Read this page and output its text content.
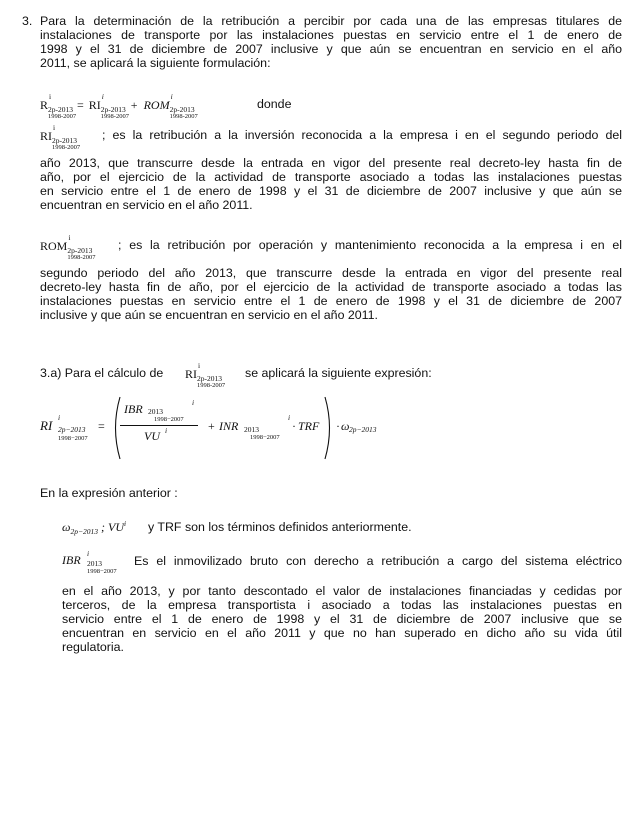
3. Para la determinación de la retribución a percibir por cada una de las empresas titulares de
instalaciones de transporte por las instalaciones puestas en servicio entre el 1 de enero de
1998 y el 31 de diciembre de 2007 inclusive y que aún se encuentran en servicio en el año
2011, se aplicará la siguiente formulación:
R
i
2p-2013
1998-2007
= RI
i
2p-2013
1998-2007
+ ROM
i
2p-2013
1998-2007
donde
RI
i
2p-2013
1998-2007
; es la retribución a la inversión reconocida a la empresa i en el segundo periodo del
año 2013, que transcurre desde la entrada en vigor del presente real decreto-ley hasta fin de
año, por el ejercicio de la actividad de transporte asociado a todas las instalaciones puestas
en servicio entre el 1 de enero de 1998 y el 31 de diciembre de 2007 inclusive y que aún se
encuentran en servicio en el año 2011.
ROM
i
2p-2013
1998-2007
; es la retribución por operación y mantenimiento reconocida a la empresa i en el
segundo periodo del año 2013, que transcurre desde la entrada en vigor del presente real
decreto-ley hasta fin de año, por el ejercicio de la actividad de transporte asociado a todas las
instalaciones puestas en servicio entre el 1 de enero de 1998 y el 31 de diciembre de 2007
inclusive y que aún se encuentran en servicio en el año 2011.
3.a) Para el cálculo de RI
i
2p-2013
1998-2007
se aplicará la siguiente expresión:
RI
i
2p−2013
1998−2007
=
IBR 2013
1998−2007
i
VU i	+ INR 2013
1998−2007
i
· TRF · ω 2p−2013
En la expresión anterior :
$\omega_{2p-2013}$ ; $VU^i$ y TRF son los términos definidos anteriormente.
IBR i
2013
1998−2007
Es el inmovilizado bruto con derecho a retribución a cargo del sistema eléctrico
en el año 2013, y por tanto descontado el valor de instalaciones financiadas y cedidas por
terceros, de la empresa transportista i asociado a todas las instalaciones puestas en
servicio entre el 1 de enero de 1998 y el 31 de diciembre de 2007 inclusive que se
encuentran en servicio en el año 2011 y que no han superado en dicho año su vida útil
regulatoria.
